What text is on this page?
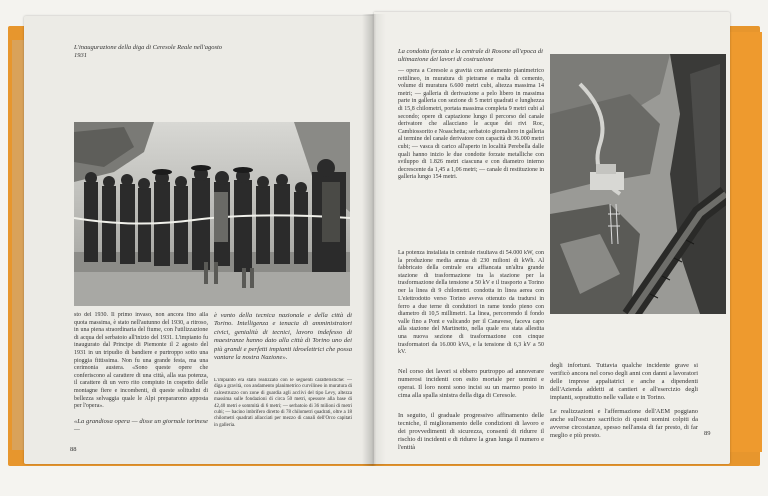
L'inaugurazione della diga di Ceresole Reale nell'agosto 1931
sto del 1930. Il primo invaso, non ancora fino alla quota massima, è stato nell'autunno del 1930, a ritroso, in una piena straordinaria del fiume, con l'utilizzazione di acqua del serbatoio all'inizio del 1931. L'impianto fu inaugurato dal Principe di Piemonte il 2 agosto del 1931 in un tripudio di bandiere e purtroppo sotto una pioggia fittissima. Non fu una grande festa, ma una cerimonia austera. «Sono queste opere che conferiscono al carattere di una città, alla sua potenza, il carattere di un vero rito compiuto in cospetto delle montagne fiere e incombenti, di queste solitudini di bellezza selvaggia quale le Alpi prepararono apposta per l'opera».
«La grandiosa opera — disse un giornale torinese —
è vanto della tecnica nazionale e della città di Torino. Intelligenza e tenacia di amministratori civici, genialità di tecnici, lavoro indefesso di maestranze hanno dato alla città di Torino uno dei più grandi e perfetti impianti idroelettrici che possa vantare la nostra Nazione».
L'impianto era stato realizzato con le seguenti caratteristiche: — diga a gravità, con andamento planimetrico curvilineo in muratura di calcestruzzo con zone di guardia agli acclivi del tipo Levy, altezza massima sulle fondazioni di circa 50 metri, spessore alla base di 42,40 metri e sommità di 6 metri; — serbatoio di 36 milioni di metri cubi; — bacino imbrifero diretto di 78 chilometri quadrati, oltre a 18 chilometri quadrati allacciati per mezzo di canali dell'Orco capitati in galleria.
88
La condotta forzata e la centrale di Rosone all'epoca di ultimazione dei lavori di costruzione
— opera a Ceresole a gravità con andamento planimetrico rettilineo, in muratura di pietrame e malta di cemento, volume di muratura 6.600 metri cubi, altezza massima 14 metri; — galleria di derivazione a pelo libero in massima parte in galleria con sezione di 5 metri quadrati e lunghezza di 15,8 chilometri, portata massima completa 9 metri cubi al secondo; opere di captazione lungo il percorso del canale derivatore che allacciano le acque dei rivi Roc, Cambiossorito e Noaschetta; serbatoio giornaliero in galleria al termine del canale derivatore con capacità di 36.000 metri cubi; — vasca di carico all'aperto in località Perebella dalle quali hanno inizio le due condotte forzate metalliche con sviluppo di 1.826 metri ciascuna e con diametro interno decrescente da 1,45 a 1,06 metri; — canale di restituzione in galleria lungo 154 metri.
La potenza installata in centrale risultava di 54.000 kW, con la produzione media annua di 230 milioni di kWh. Al fabbricato della centrale era affiancata un'altra grande stazione di trasformazione tra la stazione per la trasformazione della tensione a 50 kV e il trasporto a Torino per la linea di 9 chilometri, condotta in linea aerea con
L'elettrodotto verso Torino aveva ottenuto da tradursi in ferro a due terne di conduttori in rame tondo pieno con diametro di 10,5 millimetri. La linea, percorrendo il fondo valle fino a Pont e valicando per il Canavese, faceva capo alla stazione del Martinetto, nella quale era stata allestita una nuova sezione di trasformazione con cinque trasformatori da 16.000 kVA, e la tensione di 6,3 kV a 50 kV.
Nel corso dei lavori si ebbero purtroppo ad annoverare numerosi incidenti con esito mortale per uomini e operai. Il loro nomi sono incisi su un marmo posto in cima alla spalla sinistra della diga di Ceresole.
In seguito, il graduale progressivo affinamento delle tecniche, il miglioramento delle condizioni di lavoro e dei provvedimenti di sicurezza, consentì di ridurre il rischio di incidenti e di ridurre la gran lunga il numero e l'entità
degli infortuni. Tuttavia qualche incidente grave si verificò ancora nel corso degli anni con danni a lavoratori delle imprese appaltatrici e anche a dipendenti dell'Azienda addetti ai cantieri e all'esercizio degli impianti, soprattutto nelle vallate e in Torino.
Le realizzazioni e l'affermazione dell'AEM poggiano anche sull'oscuro sacrificio di questi uomini colpiti da avverse circostanze, spesso nell'ansia di far presto, di far meglio e più presto.	89
